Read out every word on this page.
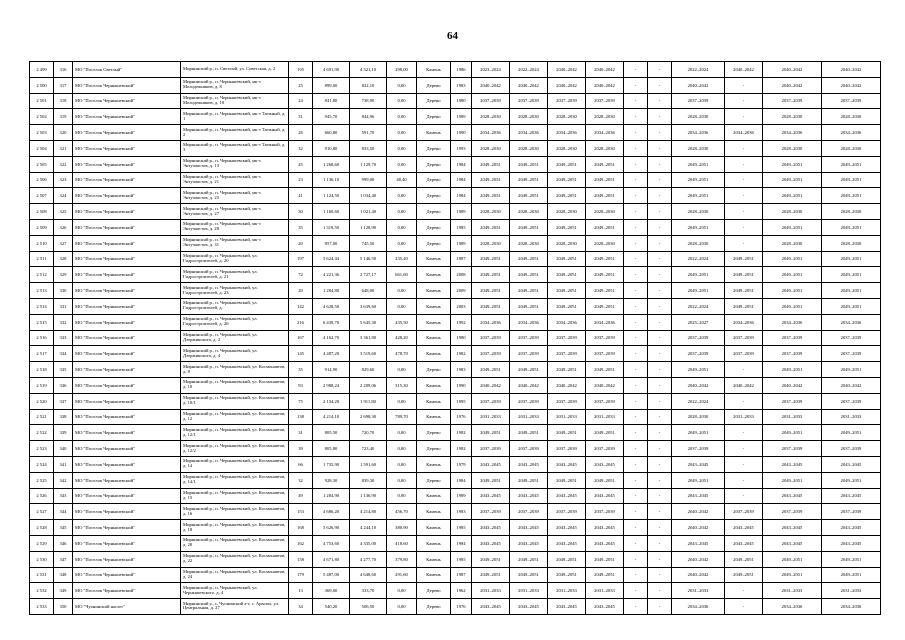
64
2 499	316	МО "Поселок Светлый"	Мирнинский р., п. Светлый, ул. Советская, д. 2	195	4 691,90	4 321,10	298,00	Камень	1986	2023–2024	2022–2024	2040–2042	2040–2042	-	-	2022–2024	2040–2042	2040–2042	2040–2042
2 500	317	МО "Поселок Чернышевский"	Мирнинский р., п. Чернышевский, мк-з Молодежников, д. 8	25	899,00	822,10	0,00	Дерево	1983	2040–2042	2040–2042	2040–2042	2040–2042	-	-	2040–2042	-	2040–2042	2040–2042
2 501	318	МО "Поселок Чернышевский"	Мирнинский р., п. Чернышевский, мк-з Молодежников, д. 10	24	841,80	738,90	0,00	Дерево	1980	2037–2039	2037–2039	2037–2039	2037–2039	-	-	2037–2039	-	2037–2039	2037–2039
2 502	319	МО "Поселок Чернышевский"	Мирнинский р., п. Чернышевский, мк-з Таежный, д. 1	31	945,70	844,96	0,00	Дерево	1989	2028–2030	2028–2030	2028–2030	2028–2030	-	-	2028–2030	-	2028–2030	2028–2030
2 503	320	МО "Поселок Чернышевский"	Мирнинский р., п. Чернышевский, мк-з Таежный, д. 2	26	660,80	591,70	0,00	Камень	1990	2034–2036	2034–2036	2034–2036	2034–2036	-	-	2034–2036	2034–2036	2034–2036	2034–2036
2 504	321	МО "Поселок Чернышевский"	Мирнинский р., п. Чернышевский, мк-з Таежный, д. 3	32	910,80	833,50	0,00	Дерево	1993	2028–2030	2028–2030	2028–2030	2028–2030	-	-	2028–2030	-	2028–2030	2028–2030
2 505	322	МО "Поселок Чернышевский"	Мирнинский р., п. Чернышевский, мк-з Энтузиастов, д. 13	45	1 268,60	1 129,70	0,00	Дерево	1984	2049–2051	2049–2051	2049–2051	2049–2051	-	-	2049–2051	-	2049–2051	2049–2051
2 506	323	МО "Поселок Чернышевский"	Мирнинский р., п. Чернышевский, мк-з Энтузиастов, д. 21	23	1 136,10	999,00	48,40	Дерево	1984	2049–2051	2049–2051	2049–2051	2049–2051	-	-	2049–2051	-	2049–2051	2049–2051
2 507	324	МО "Поселок Чернышевский"	Мирнинский р., п. Чернышевский, мк-з Энтузиастов, д. 25	41	1 124,50	1 034,40	0,00	Дерево	1984	2049–2051	2049–2051	2049–2051	2049–2051	-	-	2049–2051	-	2049–2051	2049–2051
2 508	325	МО "Поселок Чернышевский"	Мирнинский р., п. Чернышевский, мк-з Энтузиастов, д. 27	30	1 160,60	1 021,40	0,00	Дерево	1989	2028–2030	2028–2030	2028–2030	2028–2030	-	-	2028–2030	-	2028–2030	2028–2030
2 509	326	МО "Поселок Чернышевский"	Мирнинский р., п. Чернышевский, мк-з Энтузиастов, д. 28	35	1 319,50	1 128,90	0,00	Дерево	1985	2049–2051	2049–2051	2049–2051	2049–2051	-	-	2049–2051	-	2049–2051	2049–2051
2 510	327	МО "Поселок Чернышевский"	Мирнинский р., п. Чернышевский, мк-з Энтузиастов, д. 31	20	857,00	745,50	0,00	Дерево	1989	2028–2030	2028–2030	2028–2030	2028–2030	-	-	2028–2030	-	2028–2030	2028–2030
2 511	328	МО "Поселок Чернышевский"	Мирнинский р., п. Чернышевский, ул. Гидростроителей, д. 20	197	5 624,44	5 146,50	235,40	Камень	1987	2049–2051	2049–2051	2049–2051	2049–2051	-	-	2022–2024	2049–2051	2049–2051	2049–2051
2 512	329	МО "Поселок Чернышевский"	Мирнинский р., п. Чернышевский, ул. Гидростроителей, д. 21	72	4 221,36	2 727,17	661,60	Камень	2008	2049–2051	2049–2051	2049–2051	2049–2051	-	-	2049–2051	2049–2051	2049–2051	2049–2051
2 513	330	МО "Поселок Чернышевский"	Мирнинский р., п. Чернышевский, ул. Гидростроителей, д. 23	20	1 284,80	648,00	0,00	Камень	2009	2049–2051	2049–2051	2049–2051	2049–2051	-	-	2049–2051	2049–2051	2049–2051	2049–2051
2 514	331	МО "Поселок Чернышевский"	Мирнинский р., п. Чернышевский, ул. Гидростроителей, д.	142	4 628,50	3 639,60	0,00	Камень	2003	2049–2051	2049–2051	2049–2051	2049–2051	-	-	2022–2024	2049–2051	2049–2051	2049–2051
2 515	332	МО "Поселок Чернышевский"	Мирнинский р., п. Чернышевский, ул. Гидростроителей, д. 26	216	6 439,70	5 645,30	435,50	Камень	1992	2034–2036	2034–2036	2034–2036	2034–2036	-	-	2025–2027	2034–2036	2034–2036	2034–2036
2 516	333	МО "Поселок Чернышевский"	Мирнинский р., п. Чернышевский, ул. Дзержинского, д. 2	167	4 162,70	3 361,80	428,20	Камень	1980	2037–2039	2037–2039	2037–2039	2037–2039	-	-	2037–2039	2037–2039	2037–2039	2037–2039
2 517	334	МО "Поселок Чернышевский"	Мирнинский р., п. Чернышевский, ул. Дзержинского, д. 4	145	4 487,20	3 519,60	478,70	Камень	1982	2037–2039	2037–2039	2037–2039	2037–2039	-	-	2037–2039	2037–2039	2037–2039	2037–2039
2 518	335	МО "Поселок Чернышевский"	Мирнинский р., п. Чернышевский, ул. Космонавтов, д. 8	35	914,90	829,60	0,00	Дерево	1983	2049–2051	2049–2051	2049–2051	2049–2051	-	-	2049–2051	-	2049–2051	2049–2051
2 519	336	МО "Поселок Чернышевский"	Мирнинский р., п. Чернышевский, ул. Космонавтов, д. 10	93	2 988,24	2 209,06	315,30	Камень	1990	2040–2042	2040–2042	2040–2042	2040–2042	-	-	2040–2042	2040–2042	2040–2042	2040–2042
2 520	337	МО "Поселок Чернышевский"	Мирнинский р., п. Чернышевский, ул. Космонавтов, д. 10/1	75	2 134,20	1 911,80	0,00	Камень	1995	2037–2039	2037–2039	2037–2039	2037–2039	-	-	2022–2024	-	2037–2039	2037–2039
2 521	338	МО "Поселок Чернышевский"	Мирнинский р., п. Чернышевский, ул. Космонавтов, д. 12	138	4 214,10	2 698,30	789,70	Камень	1976	2031–2033	2031–2033	2031–2033	2031–2033	-	-	2028–2030	2031–2033	2031–2033	2031–2033
2 522	339	МО "Поселок Чернышевский"	Мирнинский р., п. Чернышевский, ул. Космонавтов, д. 12/1	31	805,50	720,70	0,00	Дерево	1982	2049–2051	2049–2051	2049–2051	2049–2051	-	-	2049–2051	-	2049–2051	2049–2051
2 523	340	МО "Поселок Чернышевский"	Мирнинский р., п. Чернышевский, ул. Космонавтов, д. 12/2	39	805,80	723,40	0,00	Дерево	1982	2037–2039	2037–2039	2037–2039	2037–2039	-	-	2037–2039	-	2037–2039	2037–2039
2 524	341	МО "Поселок Чернышевский"	Мирнинский р., п. Чернышевский, ул. Космонавтов, д. 14	66	1 735,90	1 591,60	0,00	Камень	1979	2043–2045	2043–2045	2043–2045	2043–2045	-	-	2043–2045	-	2043–2045	2043–2045
2 525	342	МО "Поселок Чернышевский"	Мирнинский р., п. Чернышевский, ул. Космонавтов, д. 14/1	32	928,30	839,30	0,00	Дерево	1984	2049–2051	2049–2051	2049–2051	2049–2051	-	-	2049–2051	-	2049–2051	2049–2051
2 526	343	МО "Поселок Чернышевский"	Мирнинский р., п. Чернышевский, ул. Космонавтов, д. 15	49	1 284,90	1 136,90	0,00	Камень	1989	2043–2045	2043–2045	2043–2045	2043–2045	-	-	2043–2045	-	2043–2045	2043–2045
2 527	344	МО "Поселок Чернышевский"	Мирнинский р., п. Чернышевский, ул. Космонавтов, д. 16	153	4 686,20	4 214,80	456,70	Камень	1983	2037–2039	2037–2039	2037–2039	2037–2039	-	-	2040–2042	2037–2039	2037–2039	2037–2039
2 528	345	МО "Поселок Чернышевский"	Мирнинский р., п. Чернышевский, ул. Космонавтов, д. 18	168	5 626,90	4 244,10	380,90	Камень	1985	2043–2045	2043–2045	2043–2045	2043–2045	-	-	2040–2042	2043–2045	2043–2045	2043–2045
2 529	346	МО "Поселок Чернышевский"	Мирнинский р., п. Чернышевский, ул. Космонавтов, д. 20	162	4 753,60	4 335,00	418,60	Камень	1984	2043–2045	2043–2045	2043–2045	2043–2045	-	-	2043–2045	2043–2045	2043–2045	2043–2045
2 530	347	МО "Поселок Чернышевский"	Мирнинский р., п. Чернышевский, ул. Космонавтов, д. 22	158	4 671,80	4 277,70	379,80	Камень	1985	2049–2051	2049–2051	2049–2051	2049–2051	-	-	2040–2042	2049–2051	2049–2051	2049–2051
2 531	348	МО "Поселок Чернышевский"	Мирнинский р., п. Чернышевский, ул. Космонавтов, д. 24	179	5 487,00	4 648,60	291,60	Камень	1987	2049–2051	2049–2051	2049–2051	2049–2051	-	-	2040–2042	2049–2051	2049–2051	2049–2051
2 532	349	МО "Поселок Чернышевский"	Мирнинский р., п. Чернышевский, ул. Чернышевского, д. 4	13	369,00	333,70	0,00	Дерево	1962	2031–2033	2031–2033	2031–2033	2031–2033	-	-	2031–2033	-	2031–2033	2031–2033
2 533	350	МО "Чуонинский наслег"	Мирнинский у., с. Чуонинский а-г, с. Арылах, ул. Центральная, д. 27	34	540,20	506,50	0,00	Дерево	1976	2043–2045	2043–2045	2043–2045	2043–2045	-	-	2034–2036	-	2034–2036	2034–2036
